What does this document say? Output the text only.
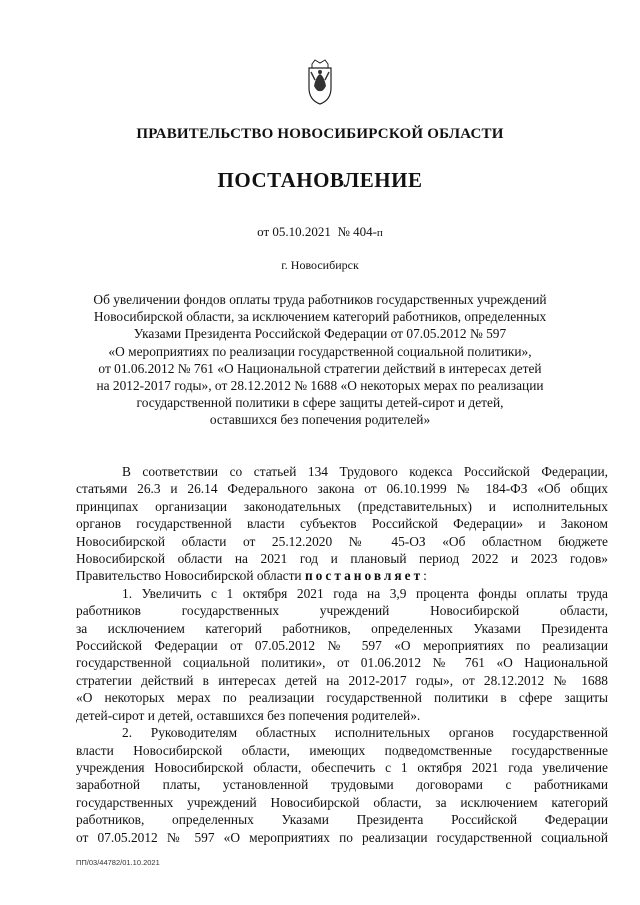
ПРАВИТЕЛЬСТВО НОВОСИБИРСКОЙ ОБЛАСТИ
ПОСТАНОВЛЕНИЕ
от 05.10.2021 № 404-п
г. Новосибирск
Об увеличении фондов оплаты труда работников государственных учреждений
Новосибирской области, за исключением категорий работников, определенных
Указами Президента Российской Федерации от 07.05.2012 № 597
«О мероприятиях по реализации государственной социальной политики»,
от 01.06.2012 № 761 «О Национальной стратегии действий в интересах детей
на 2012-2017 годы», от 28.12.2012 № 1688 «О некоторых мерах по реализации
государственной политики в сфере защиты детей-сирот и детей,
оставшихся без попечения родителей»
В соответствии со статьей 134 Трудового кодекса Российской Федерации,
статьями 26.3 и 26.14 Федерального закона от 06.10.1999 № 184-ФЗ «Об общих
принципах организации законодательных (представительных) и исполнительных
органов государственной власти субъектов Российской Федерации» и Законом
Новосибирской области от 25.12.2020 № 45-ОЗ «Об областном бюджете
Новосибирской области на 2021 год и плановый период 2022 и 2023 годов»
Правительство Новосибирской области постановляет:
1. Увеличить с 1 октября 2021 года на 3,9 процента фонды оплаты труда
работников государственных учреждений Новосибирской области,
за исключением категорий работников, определенных Указами Президента
Российской Федерации от 07.05.2012 № 597 «О мероприятиях по реализации
государственной социальной политики», от 01.06.2012 № 761 «О Национальной
стратегии действий в интересах детей на 2012-2017 годы», от 28.12.2012 № 1688
«О некоторых мерах по реализации государственной политики в сфере защиты
детей-сирот и детей, оставшихся без попечения родителей».
2. Руководителям областных исполнительных органов государственной
власти Новосибирской области, имеющих подведомственные государственные
учреждения Новосибирской области, обеспечить с 1 октября 2021 года увеличение
заработной платы, установленной трудовыми договорами с работниками
государственных учреждений Новосибирской области, за исключением категорий
работников, определенных Указами Президента Российской Федерации
от 07.05.2012 № 597 «О мероприятиях по реализации государственной социальной
ПП/03/44782/01.10.2021
